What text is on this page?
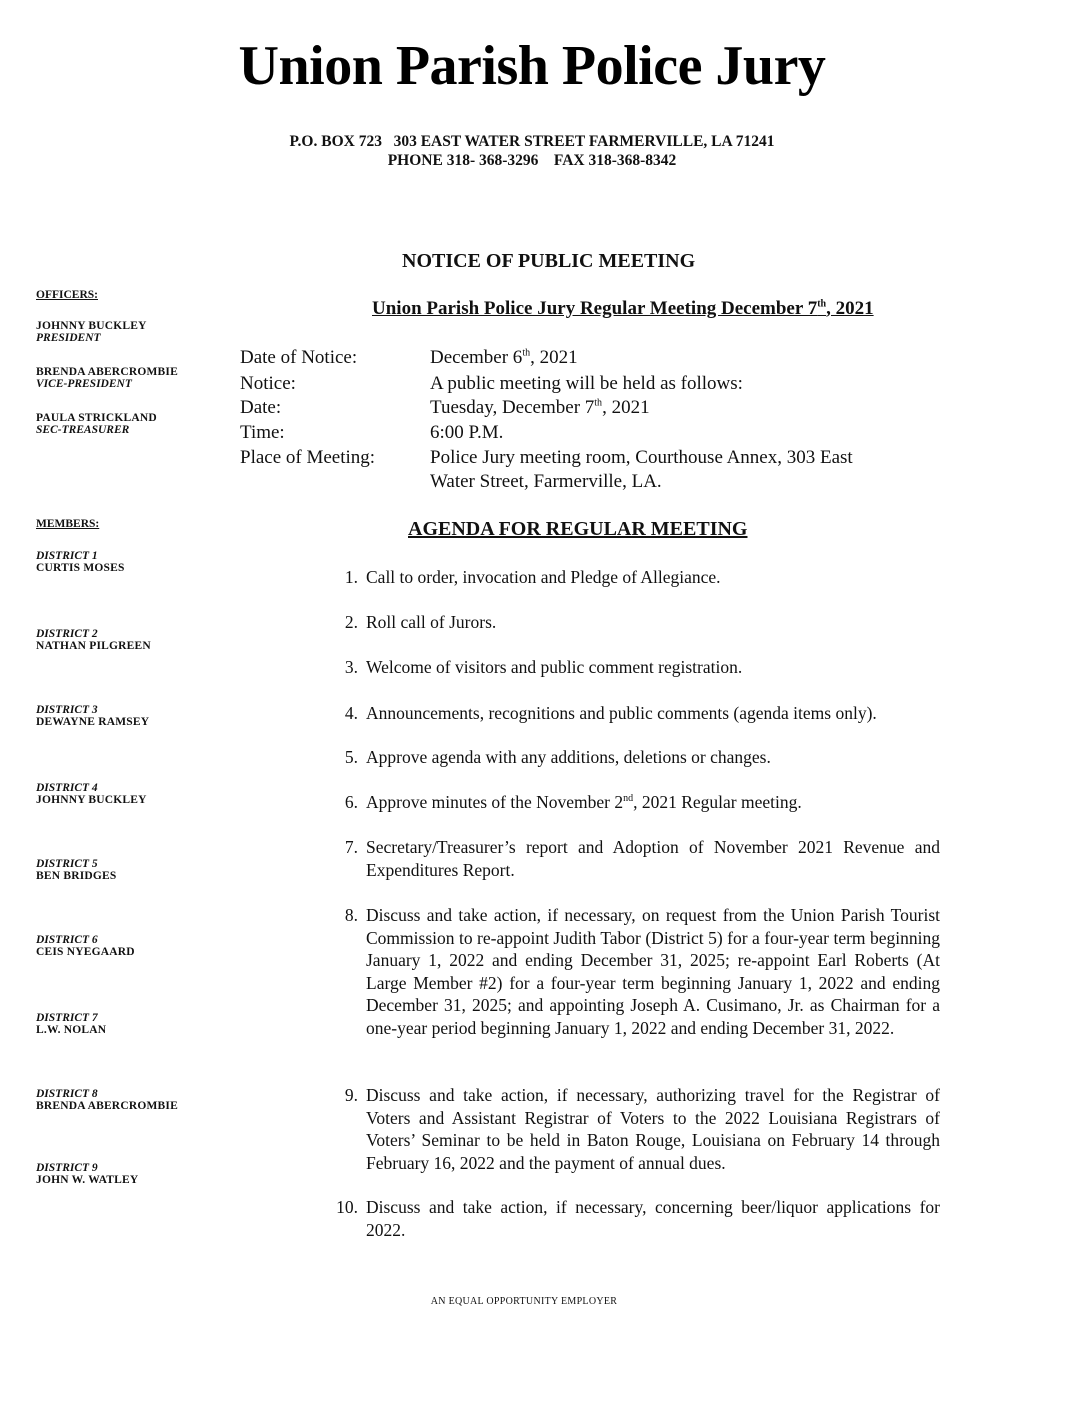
Union Parish Police Jury
P.O. BOX 723   303 EAST WATER STREET FARMERVILLE, LA 71241
PHONE 318- 368-3296    FAX 318-368-8342
NOTICE OF PUBLIC MEETING
Union Parish Police Jury Regular Meeting December 7th, 2021
OFFICERS:
JOHNNY BUCKLEY
PRESIDENT
BRENDA ABERCROMBIE
VICE-PRESIDENT
PAULA STRICKLAND
SEC-TREASURER
MEMBERS:
DISTRICT 1
CURTIS MOSES
DISTRICT 2
NATHAN PILGREEN
DISTRICT 3
DEWAYNE RAMSEY
DISTRICT 4
JOHNNY BUCKLEY
DISTRICT 5
BEN BRIDGES
DISTRICT 6
CEIS NYEGAARD
DISTRICT 7
L.W. NOLAN
DISTRICT 8
BRENDA ABERCROMBIE
DISTRICT 9
JOHN W. WATLEY
Date of Notice:	December 6th, 2021
Notice:	A public meeting will be held as follows:
Date:	Tuesday, December 7th, 2021
Time:	6:00 P.M.
Place of Meeting:	Police Jury meeting room, Courthouse Annex, 303 East
Water Street, Farmerville, LA.
AGENDA FOR REGULAR MEETING
1. Call to order, invocation and Pledge of Allegiance.
2. Roll call of Jurors.
3. Welcome of visitors and public comment registration.
4. Announcements, recognitions and public comments (agenda items only).
5. Approve agenda with any additions, deletions or changes.
6. Approve minutes of the November 2nd, 2021 Regular meeting.
7. Secretary/Treasurer’s report and Adoption of November 2021 Revenue and Expenditures Report.
8. Discuss and take action, if necessary, on request from the Union Parish Tourist Commission to re-appoint Judith Tabor (District 5) for a four-year term beginning January 1, 2022 and ending December 31, 2025; re-appoint Earl Roberts (At Large Member #2) for a four-year term beginning January 1, 2022 and ending December 31, 2025; and appointing Joseph A. Cusimano, Jr. as Chairman for a one-year period beginning January 1, 2022 and ending December 31, 2022.
9. Discuss and take action, if necessary, authorizing travel for the Registrar of Voters and Assistant Registrar of Voters to the 2022 Louisiana Registrars of Voters’ Seminar to be held in Baton Rouge, Louisiana on February 14 through February 16, 2022 and the payment of annual dues.
10. Discuss and take action, if necessary, concerning beer/liquor applications for 2022.
AN EQUAL OPPORTUNITY EMPLOYER
